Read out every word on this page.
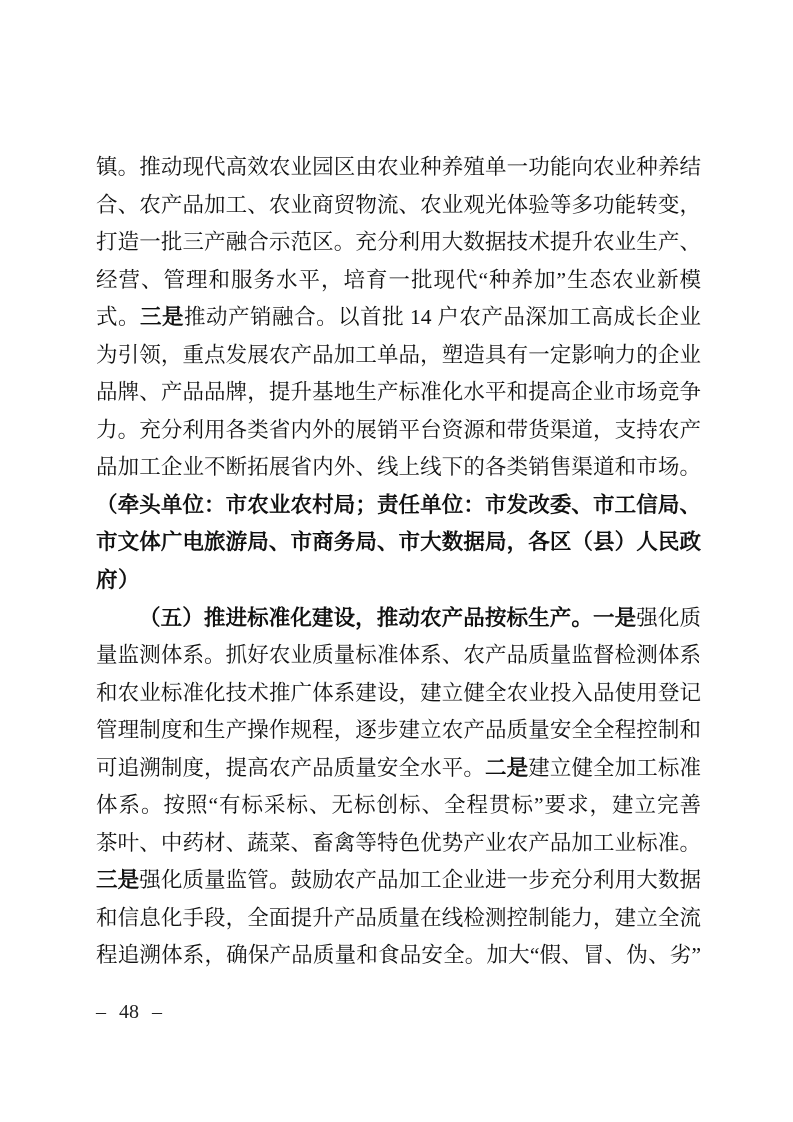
镇。推动现代高效农业园区由农业种养殖单一功能向农业种养结
合、农产品加工、农业商贸物流、农业观光体验等多功能转变，
打造一批三产融合示范区。充分利用大数据技术提升农业生产、
经营、管理和服务水平，培育一批现代“种养加”生态农业新模
式。三是推动产销融合。以首批 14 户农产品深加工高成长企业
为引领，重点发展农产品加工单品，塑造具有一定影响力的企业
品牌、产品品牌，提升基地生产标准化水平和提高企业市场竞争
力。充分利用各类省内外的展销平台资源和带货渠道，支持农产
品加工企业不断拓展省内外、线上线下的各类销售渠道和市场。
（牵头单位：市农业农村局；责任单位：市发改委、市工信局、
市文体广电旅游局、市商务局、市大数据局，各区（县）人民政
府）
（五）推进标准化建设，推动农产品按标生产。一是强化质
量监测体系。抓好农业质量标准体系、农产品质量监督检测体系
和农业标准化技术推广体系建设，建立健全农业投入品使用登记
管理制度和生产操作规程，逐步建立农产品质量安全全程控制和
可追溯制度，提高农产品质量安全水平。二是建立健全加工标准
体系。按照“有标采标、无标创标、全程贯标”要求，建立完善
茶叶、中药材、蔬菜、畜禽等特色优势产业农产品加工业标准。
三是强化质量监管。鼓励农产品加工企业进一步充分利用大数据
和信息化手段，全面提升产品质量在线检测控制能力，建立全流
程追溯体系，确保产品质量和食品安全。加大“假、冒、伪、劣”
– 48 –
